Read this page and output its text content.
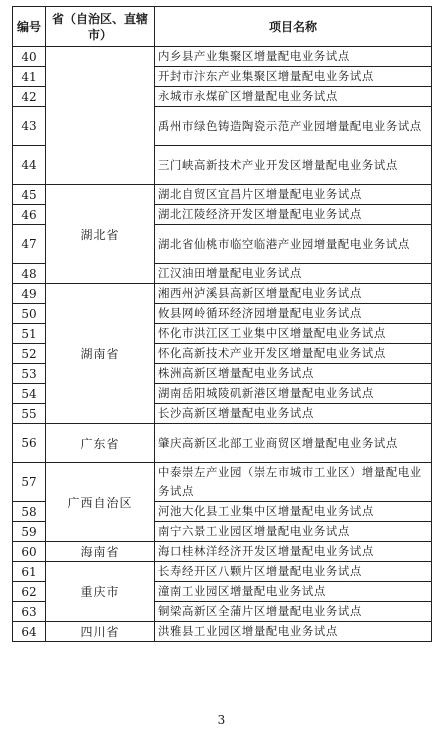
编号	省（自治区、直辖市）	项目名称
40		内乡县产业集聚区增量配电业务试点
41		开封市汴东产业集聚区增量配电业务试点
42		永城市永煤矿区增量配电业务试点
43		禹州市绿色铸造陶瓷示范产业园增量配电业务试点
44		三门峡高新技术产业开发区增量配电业务试点
45	湖北省	湖北自贸区宜昌片区增量配电业务试点
46		湖北江陵经济开发区增量配电业务试点
47		湖北省仙桃市临空临港产业园增量配电业务试点
48		江汉油田增量配电业务试点
49	湖南省	湘西州泸溪县高新区增量配电业务试点
50		攸县网岭循环经济园增量配电业务试点
51		怀化市洪江区工业集中区增量配电业务试点
52		怀化高新技术产业开发区增量配电业务试点
53		株洲高新区增量配电业务试点
54		湖南岳阳城陵矶新港区增量配电业务试点
55		长沙高新区增量配电业务试点
56	广东省	肇庆高新区北部工业商贸区增量配电业务试点
57	广西自治区	中泰崇左产业园（崇左市城市工业区）增量配电业务试点
58		河池大化县工业集中区增量配电业务试点
59		南宁六景工业园区增量配电业务试点
60	海南省	海口桂林洋经济开发区增量配电业务试点
61	重庆市	长寿经开区八颗片区增量配电业务试点
62		潼南工业园区增量配电业务试点
63		铜梁高新区全蒲片区增量配电业务试点
64	四川省	洪雅县工业园区增量配电业务试点
3
